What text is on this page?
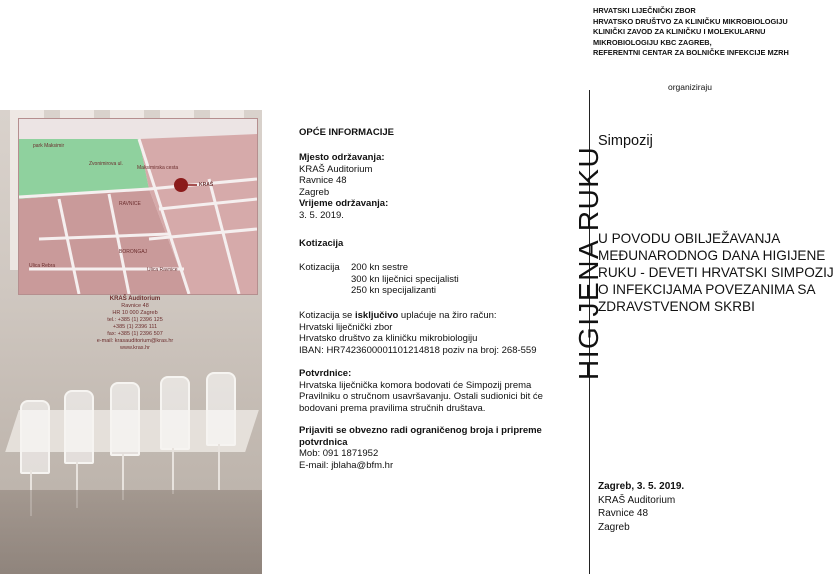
park Maksimir
Zvonimirova ul.
Maksimirska cesta
RAVNICE
BORONGAJ
Ulica Rebra
Ulica Ravnice
KRAŠ
KRAŠ Auditorium
Ravnice 48
HR 10 000 Zagreb
tel.: +385 (1) 2396 125
+385 (1) 2396 111
fax: +385 (1) 2396 507
e-mail: krasauditorium@kras.hr
www.kras.hr
OPĆE INFORMACIJE
Mjesto održavanja:
KRAŠ Auditorium
Ravnice 48
Zagreb
Vrijeme održavanja:
3. 5. 2019.
Kotizacija
Kotizacija 200 kn sestre
300 kn liječnici specijalisti
250 kn specijalizanti
Kotizacija se isključivo uplaćuje na žiro račun:
Hrvatski liječnički zbor
Hrvatsko društvo za kliničku mikrobiologiju
IBAN: HR7423600001101214818 poziv na broj: 268-559
Potvrdnice:
Hrvatska liječnička komora bodovati će Simpozij prema Pravilniku o stručnom usavršavanju. Ostali sudionici bit će bodovani prema pravilima stručnih društava.
Prijaviti se obvezno radi ograničenog broja i pripreme potvrdnica
Mob: 091 1871952
E-mail: jblaha@bfm.hr
HRVATSKI LIJEČNIČKI ZBOR
HRVATSKO DRUŠTVO ZA KLINIČKU MIKROBIOLOGIJU
KLINIČKI ZAVOD ZA KLINIČKU I MOLEKULARNU
MIKROBIOLOGIJU KBC ZAGREB,
REFERENTNI CENTAR ZA BOLNIČKE INFEKCIJE MZRH
organiziraju
HIGIJENA RUKU
Simpozij
U POVODU OBILJEŽAVANJA MEĐUNARODNOG DANA HIGIJENE RUKU - DEVETI HRVATSKI SIMPOZIJ O INFEKCIJAMA POVEZANIMA SA ZDRAVSTVENOM SKRBI
Zagreb, 3. 5. 2019.
KRAŠ Auditorium
Ravnice 48
Zagreb
